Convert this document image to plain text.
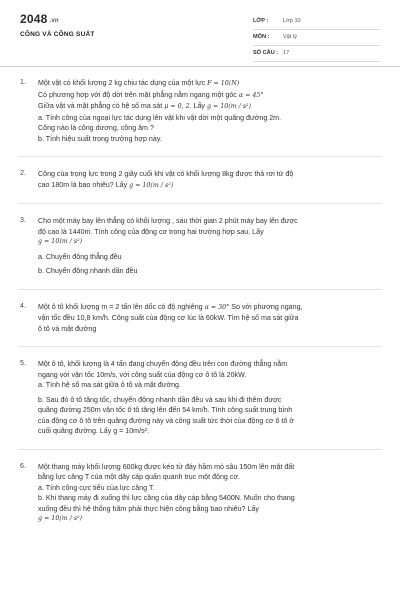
2048 .vn
CÔNG VÀ CÔNG SUẤT
LỚP :	Lớp 10
MÔN : Vật lý
SỐ CÂU : 17
1. Một vật có khối lượng 2 kg chịu tác dụng của một lực F = 10(N)
Có phương hợp với độ dời trên mặt phẳng nằm ngang một góc α = 45°
Giữa vật và mặt phẳng có hệ số ma sát μ = 0, 2. Lấy g = 10(m / s²)
a. Tính công của ngoại lực tác dụng lên vật khi vật dời một quãng đường 2m.
Công nào là công dương, công âm ?
b. Tính hiệu suất trong trường hợp này.
2. Công của trọng lực trong 2 giây cuối khi vật có khối lượng 8kg được thả rơi từ độ
cao 180m là bao nhiêu? Lấy g = 10(m / s²)
3. Cho một máy bay lên thẳng có khối lượng , sau thời gian 2 phút máy bay lên được
độ cao là 1440m. Tính công của động cơ trong hai trường hợp sau. Lấy
g = 10(m / s²)
a. Chuyển động thẳng đều
b. Chuyển động nhanh dần đều
4. Một ô tô khối lượng m = 2 tấn lên dốc có độ nghiêng α = 30° So với phương ngang,
vận tốc đều 10,8 km/h. Công suất của động cơ lúc là 60kW. Tìm hệ số ma sát giữa
ô tô và mặt đường
5. Một ô tô, khối lượng là 4 tấn đang chuyển động đều trên con đường thẳng nằm
ngang với vận tốc 10m/s, với công suất của động cơ ô tô là 20kW.
a. Tính hệ số ma sát giữa ô tô và mặt đường.
b. Sau đó ô tô tăng tốc, chuyển động nhanh dần đều và sau khi đi thêm được
quãng đường 250m vận tốc ô tô tăng lên đến 54 km/h. Tính công suất trung bình
của động cơ ô tô trên quãng đường này và công suất tức thời của động cơ ô tô ở
cuối quãng đường. Lấy g = 10m/s².
6. Một thang máy khối lượng 600kg được kéo từ đáy hầm mỏ sâu 150m lên mặt đất
bằng lực căng T của một dây cáp quấn quanh trục một động cơ.
a. Tính công cực tiểu của lực căng T.
b. Khi thang máy đi xuống thì lực căng của dây cáp bằng 5400N. Muốn cho thang
xuống đều thì hệ thống hãm phải thực hiện công bằng bao nhiêu? Lấy
g = 10(m / s²)
